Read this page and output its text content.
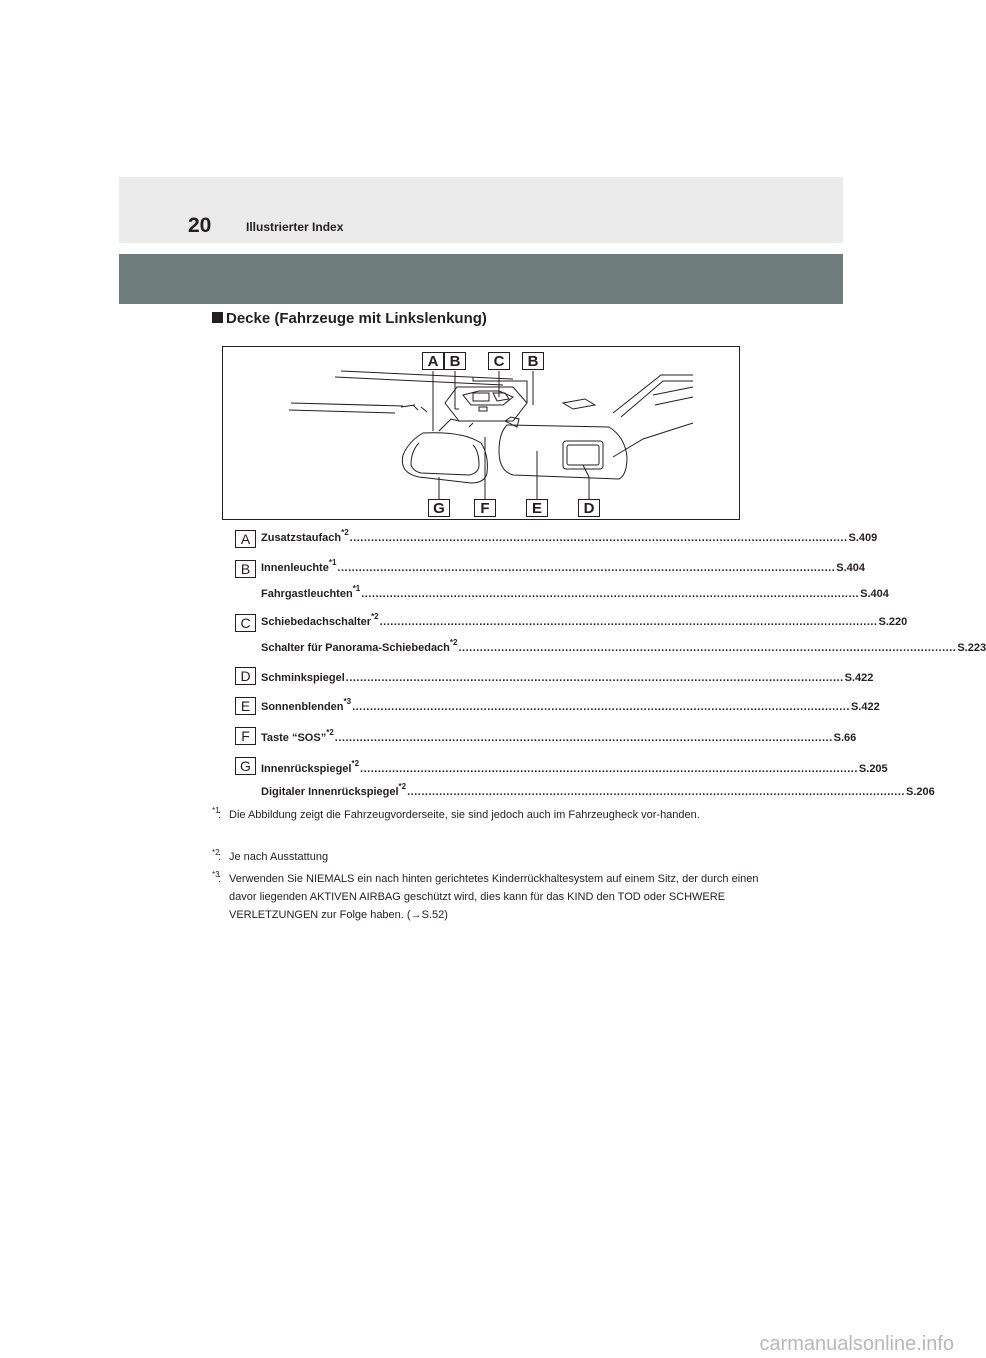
20	Illustrierter Index
Decke (Fahrzeuge mit Linkslenkung)
A B	C	B
G	F	E	D
A Zusatzstaufach$^{*2}$ ............................................................................................................................................ S.409
B Innenleuchte$^{*1}$ ............................................................................................................................................ S.404
Fahrgastleuchten$^{*1}$ ............................................................................................................................................ S.404
C Schiebedachschalter$^{*2}$ ............................................................................................................................................ S.220
Schalter für Panorama-Schiebedach$^{*2}$ ............................................................................................................................................ S.223
D Schminkspiegel ............................................................................................................................................ S.422
E Sonnenblenden$^{*3}$ ............................................................................................................................................ S.422
F	Taste “SOS”$^{*2}$ ............................................................................................................................................ S.66
G Innenrückspiegel$^{*2}$ ............................................................................................................................................ S.205
Digitaler Innenrückspiegel$^{*2}$ ............................................................................................................................................ S.206
*1
: Die Abbildung zeigt die Fahrzeugvorderseite, sie sind jedoch auch im Fahrzeugheck vor-handen.
*2
: Je nach Ausstattung
*3
: Verwenden Sie NIEMALS ein nach hinten gerichtetes Kinderrückhaltesystem auf einem Sitz, der durch einen davor liegenden AKTIVEN AIRBAG geschützt wird, dies kann für das KIND den TOD oder SCHWERE VERLETZUNGEN zur Folge haben. (→S.52)
carmanualsonline.info
